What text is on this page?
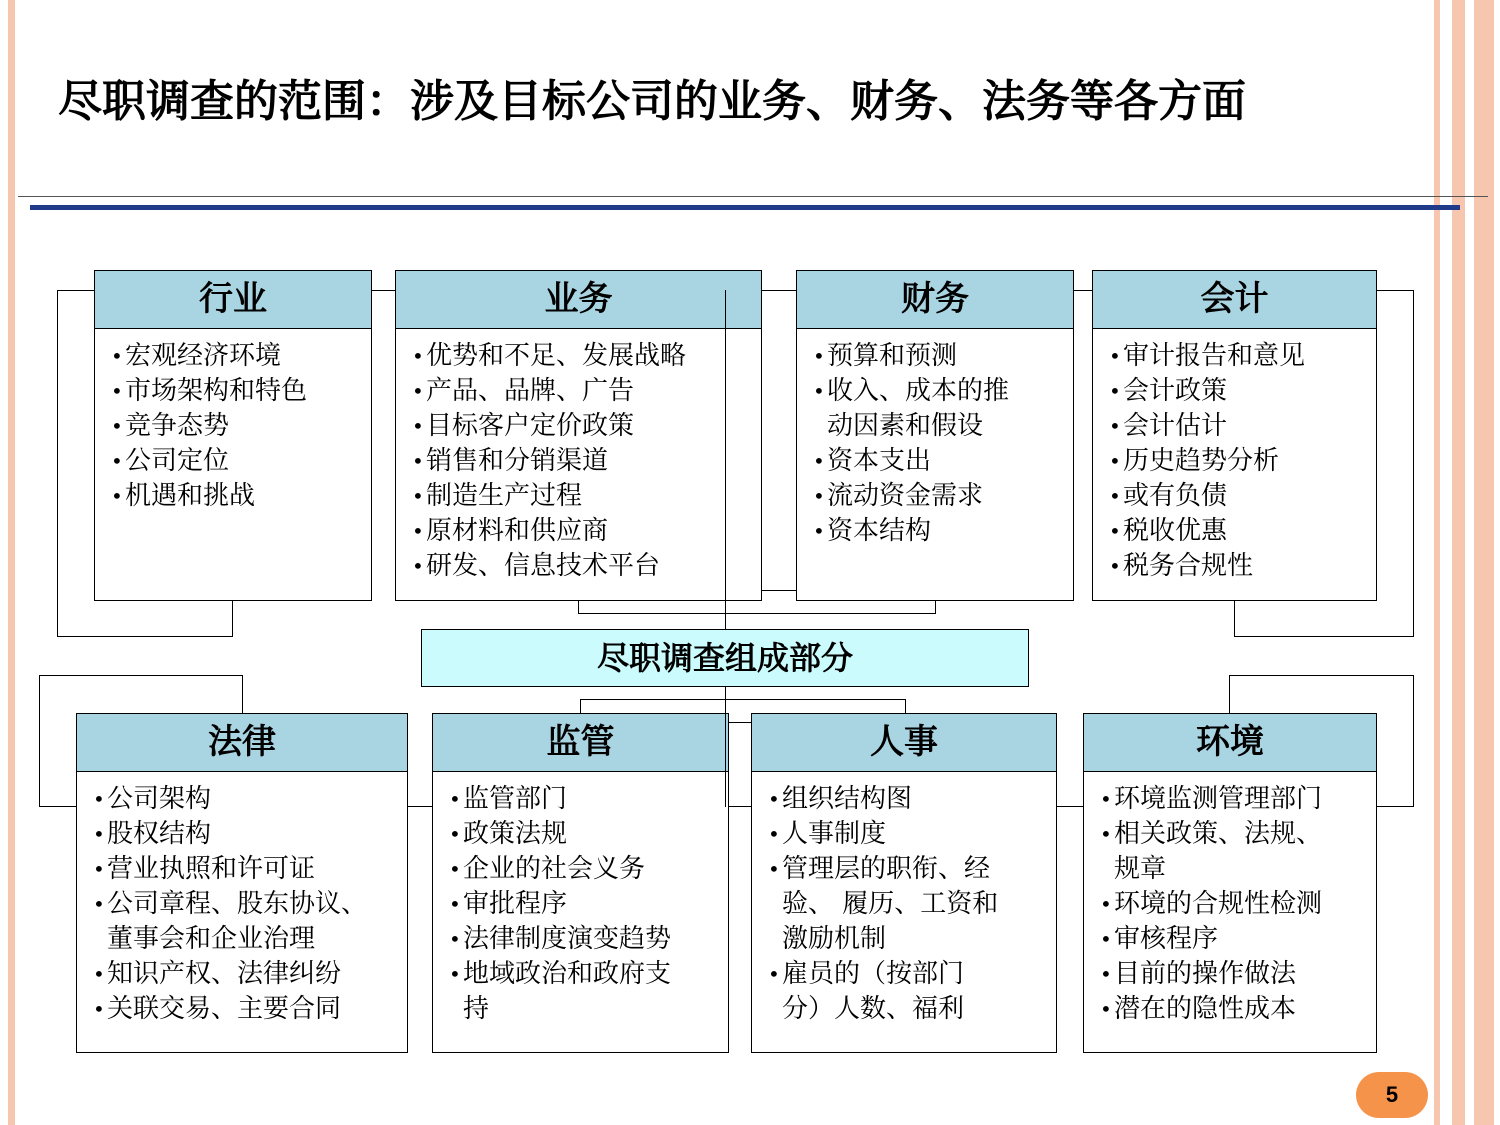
尽职调查的范围：涉及目标公司的业务、财务、法务等各方面
行业
• 宏观经济环境
• 市场架构和特色
• 竞争态势
• 公司定位
• 机遇和挑战
业务
• 优势和不足、发展战略
• 产品、品牌、广告
• 目标客户定价政策
• 销售和分销渠道
• 制造生产过程
• 原材料和供应商
• 研发、信息技术平台
财务
• 预算和预测
• 收入、成本的推
动因素和假设
• 资本支出
• 流动资金需求
• 资本结构
会计
• 审计报告和意见
• 会计政策
• 会计估计
• 历史趋势分析
• 或有负债
• 税收优惠
• 税务合规性
尽职调查组成部分
法律
• 公司架构
• 股权结构
• 营业执照和许可证
• 公司章程、股东协议、
董事会和企业治理
• 知识产权、法律纠纷
• 关联交易、主要合同
监管
• 监管部门
• 政策法规
• 企业的社会义务
• 审批程序
• 法律制度演变趋势
• 地域政治和政府支
持
人事
• 组织结构图
• 人事制度
• 管理层的职衔、经
验、 履历、工资和
激励机制
• 雇员的（按部门
分）人数、福利
环境
• 环境监测管理部门
• 相关政策、法规、
规章
• 环境的合规性检测
• 审核程序
• 目前的操作做法
• 潜在的隐性成本
5
